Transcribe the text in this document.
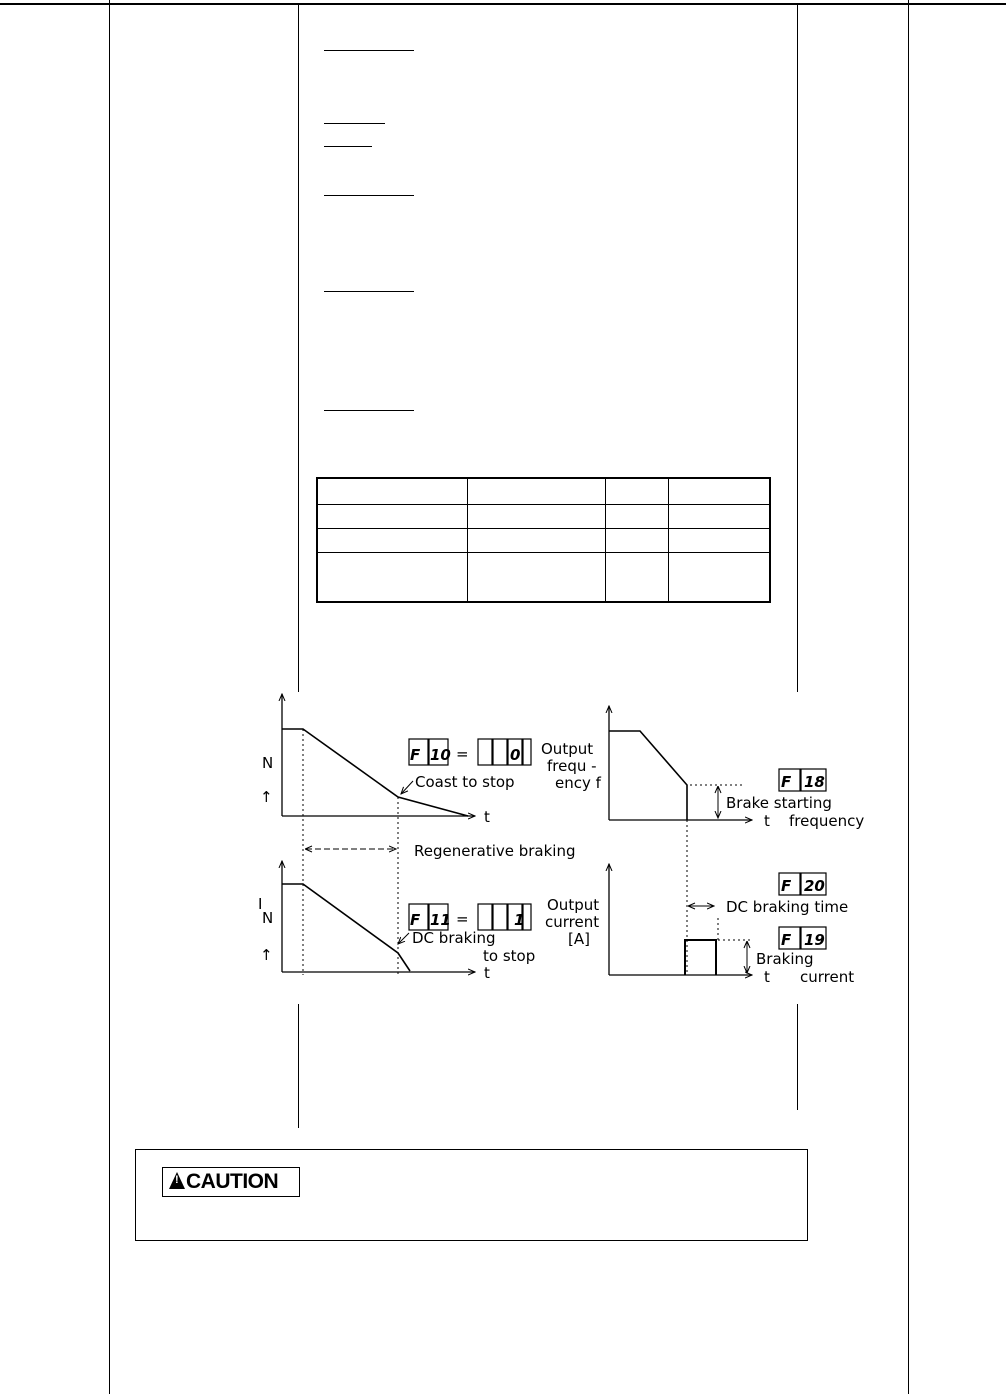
N
↑
t
Coast to stop
Regenerative braking
I
N
↑
t
DC braking
to stop
F 10 =	0
F 11 =	1
Output
frequ -
ency f
Output
current
[A]
F 18
Brake starting
t frequency
F 20
DC braking time
F 19
Braking
t current
!CAUTION
